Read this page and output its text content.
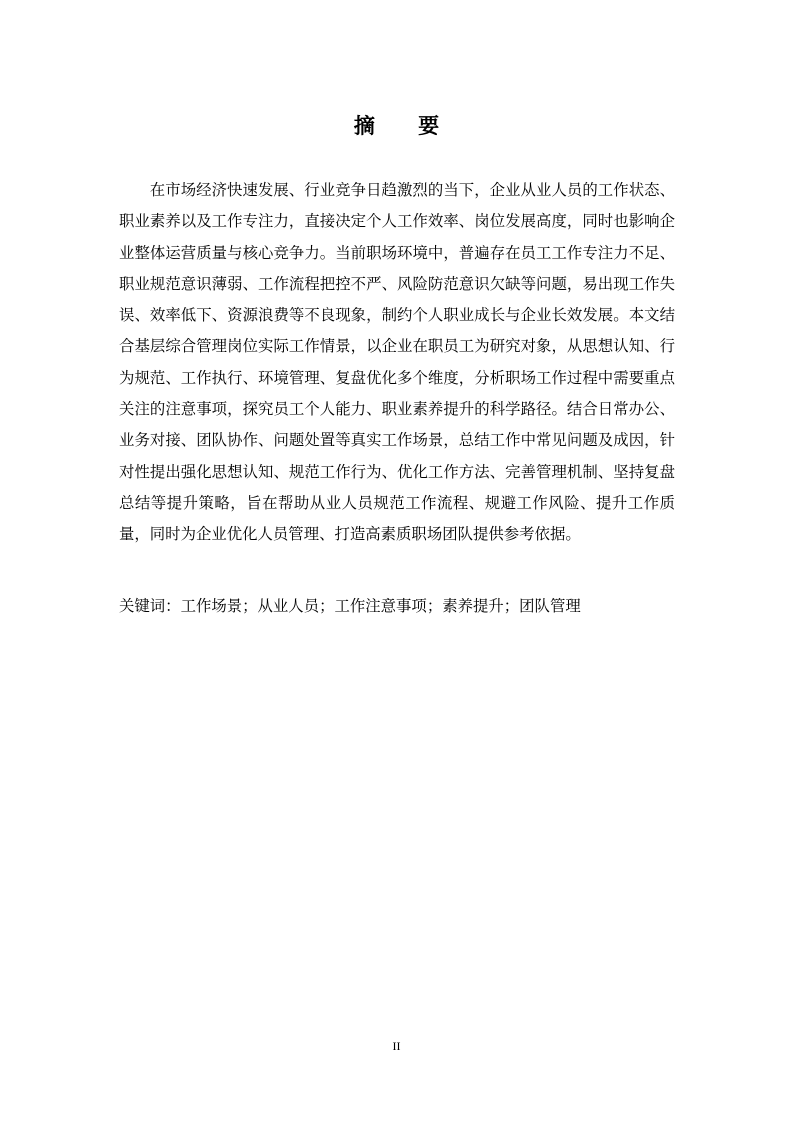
摘 要

在市场经济快速发展、行业竞争日趋激烈的当下，企业从业人员的工作状态、职业素养以及工作专注力，直接决定个人工作效率、岗位发展高度，同时也影响企业整体运营质量与核心竞争力。当前职场环境中，普遍存在员工工作专注力不足、职业规范意识薄弱、工作流程把控不严、风险防范意识欠缺等问题，易出现工作失误、效率低下、资源浪费等不良现象，制约个人职业成长与企业长效发展。本文结合基层综合管理岗位实际工作情景，以企业在职员工为研究对象，从思想认知、行为规范、工作执行、环境管理、复盘优化多个维度，分析职场工作过程中需要重点关注的注意事项，探究员工个人能力、职业素养提升的科学路径。结合日常办公、业务对接、团队协作、问题处置等真实工作场景，总结工作中常见问题及成因，针对性提出强化思想认知、规范工作行为、优化工作方法、完善管理机制、坚持复盘总结等提升策略，旨在帮助从业人员规范工作流程、规避工作风险、提升工作质量，同时为企业优化人员管理、打造高素质职场团队提供参考依据。

关键词：工作场景；从业人员；工作注意事项；素养提升；团队管理

II
